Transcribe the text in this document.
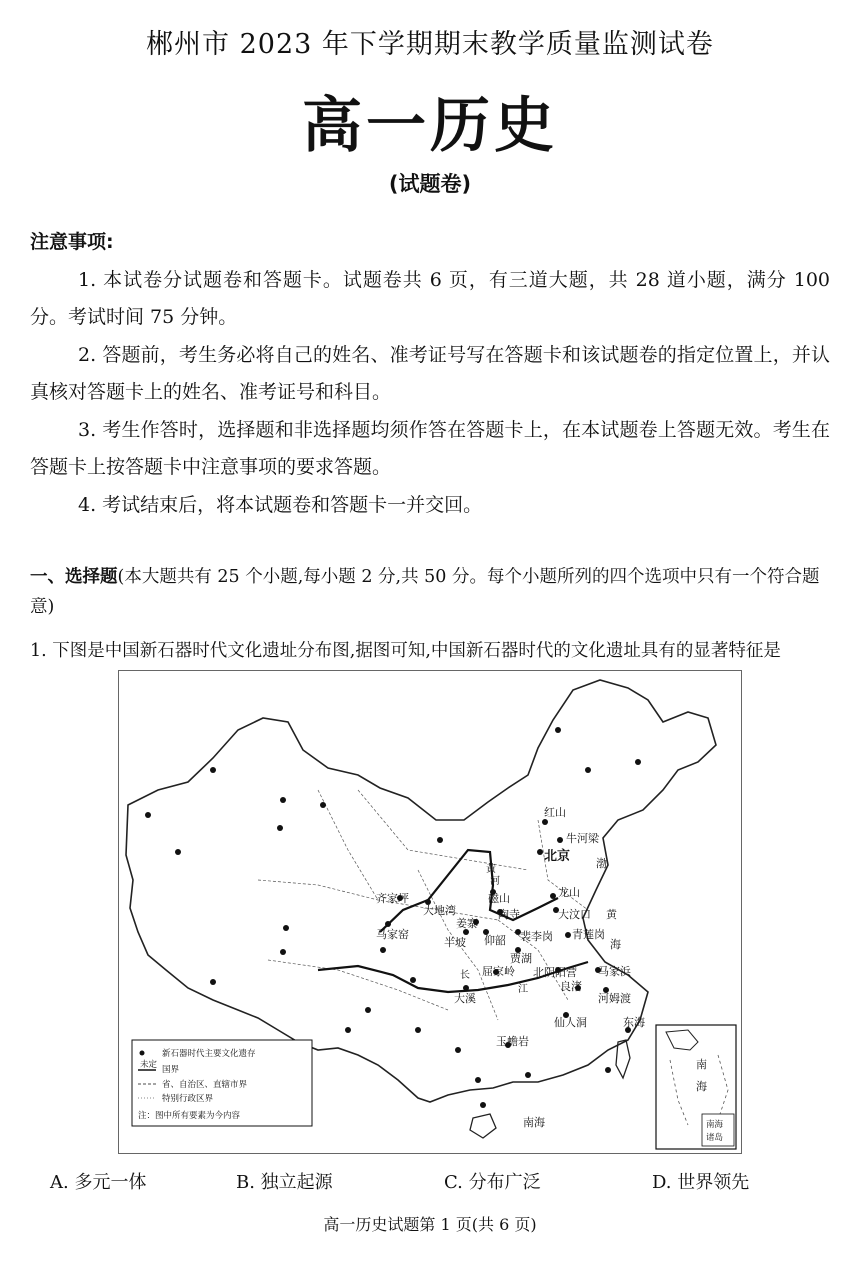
郴州市 2023 年下学期期末教学质量监测试卷
高一历史
(试题卷)
注意事项:
1. 本试卷分试题卷和答题卡。试题卷共 6 页，有三道大题，共 28 道小题，满分 100 分。考试时间 75 分钟。
2. 答题前，考生务必将自己的姓名、准考证号写在答题卡和该试题卷的指定位置上，并认真核对答题卡上的姓名、准考证号和科目。
3. 考生作答时，选择题和非选择题均须作答在答题卡上，在本试题卷上答题无效。考生在答题卡上按答题卡中注意事项的要求答题。
4. 考试结束后，将本试题卷和答题卡一并交回。
一、选择题(本大题共有 25 个小题,每小题 2 分,共 50 分。每个小题所列的四个选项中只有一个符合题意)
1. 下图是中国新石器时代文化遗址分布图,据图可知,中国新石器时代的文化遗址具有的显著特征是
红山
牛河梁
北京
齐家坪
大地湾
磁山
陶寺
龙山
大汶口
马家窑
姜寨
半坡 仰韶 裴李岗 青莲岗
贾湖
屈家岭 北阴阳营 马家浜
大溪
良渚
河姆渡
仙人洞
玉蟾岩
黄
海
渤
东海
南海
黄
河
长
江
新石器时代主要文化遗存
未定 国界
省、自治区、直辖市界
特别行政区界
注：图中所有要素为今内容
南
海
南海
诸岛
A. 多元一体	B. 独立起源	C. 分布广泛	D. 世界领先
高一历史试题第 1 页(共 6 页)
